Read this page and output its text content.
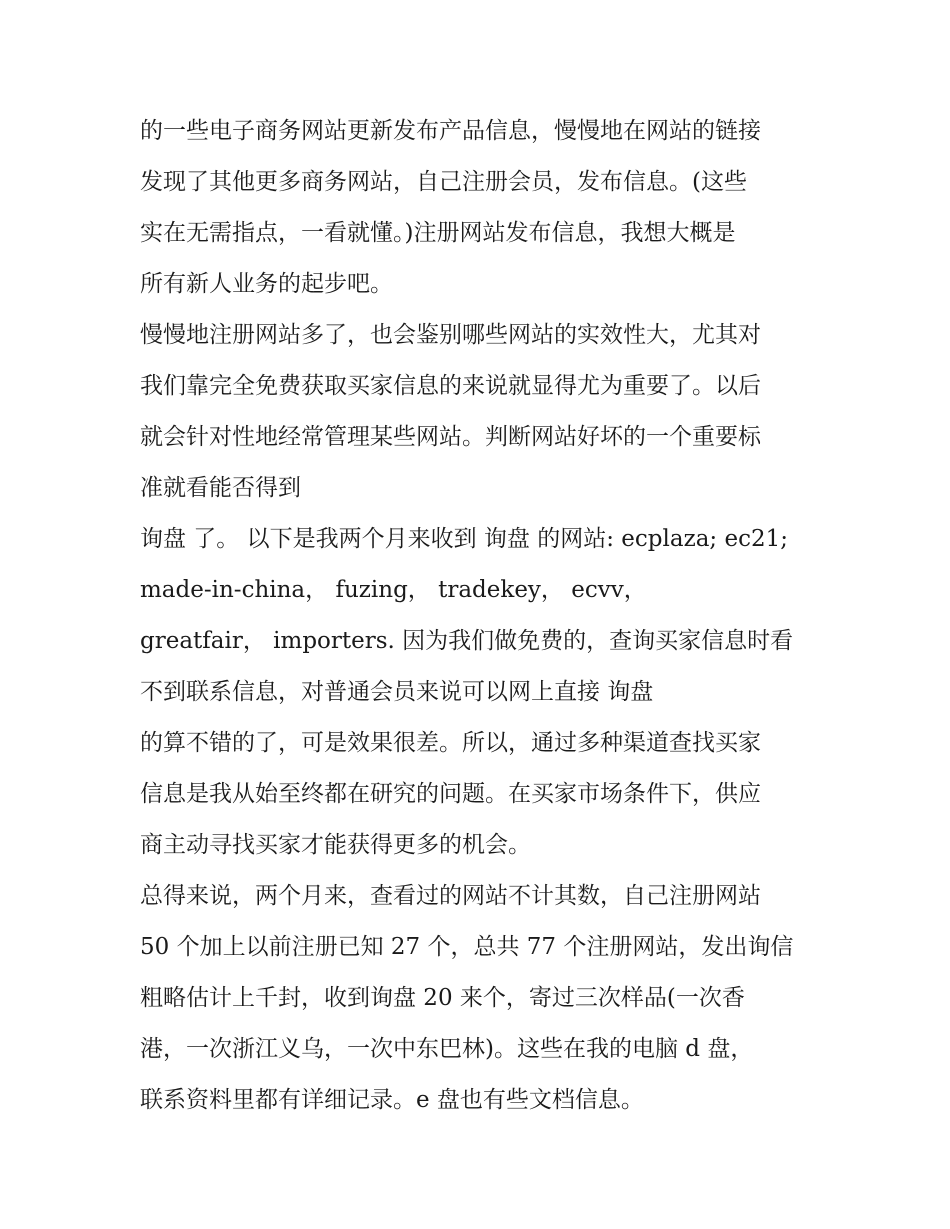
的一些电子商务网站更新发布产品信息，慢慢地在网站的链接
发现了其他更多商务网站，自己注册会员，发布信息。(这些
实在无需指点，一看就懂。)注册网站发布信息，我想大概是
所有新人业务的起步吧。
慢慢地注册网站多了，也会鉴别哪些网站的实效性大，尤其对
我们靠完全免费获取买家信息的来说就显得尤为重要了。以后
就会针对性地经常管理某些网站。判断网站好坏的一个重要标
准就看能否得到
询盘 了。 以下是我两个月来收到 询盘 的网站: ecplaza; ec21;
made-in-china， fuzing， tradekey， ecvv，
greatfair， importers. 因为我们做免费的，查询买家信息时看
不到联系信息，对普通会员来说可以网上直接 询盘
的算不错的了，可是效果很差。所以，通过多种渠道查找买家
信息是我从始至终都在研究的问题。在买家市场条件下，供应
商主动寻找买家才能获得更多的机会。
总得来说，两个月来，查看过的网站不计其数，自己注册网站
50 个加上以前注册已知 27 个，总共 77 个注册网站，发出询信
粗略估计上千封，收到询盘 20 来个，寄过三次样品(一次香
港，一次浙江义乌，一次中东巴林)。这些在我的电脑 d 盘，
联系资料里都有详细记录。e 盘也有些文档信息。
